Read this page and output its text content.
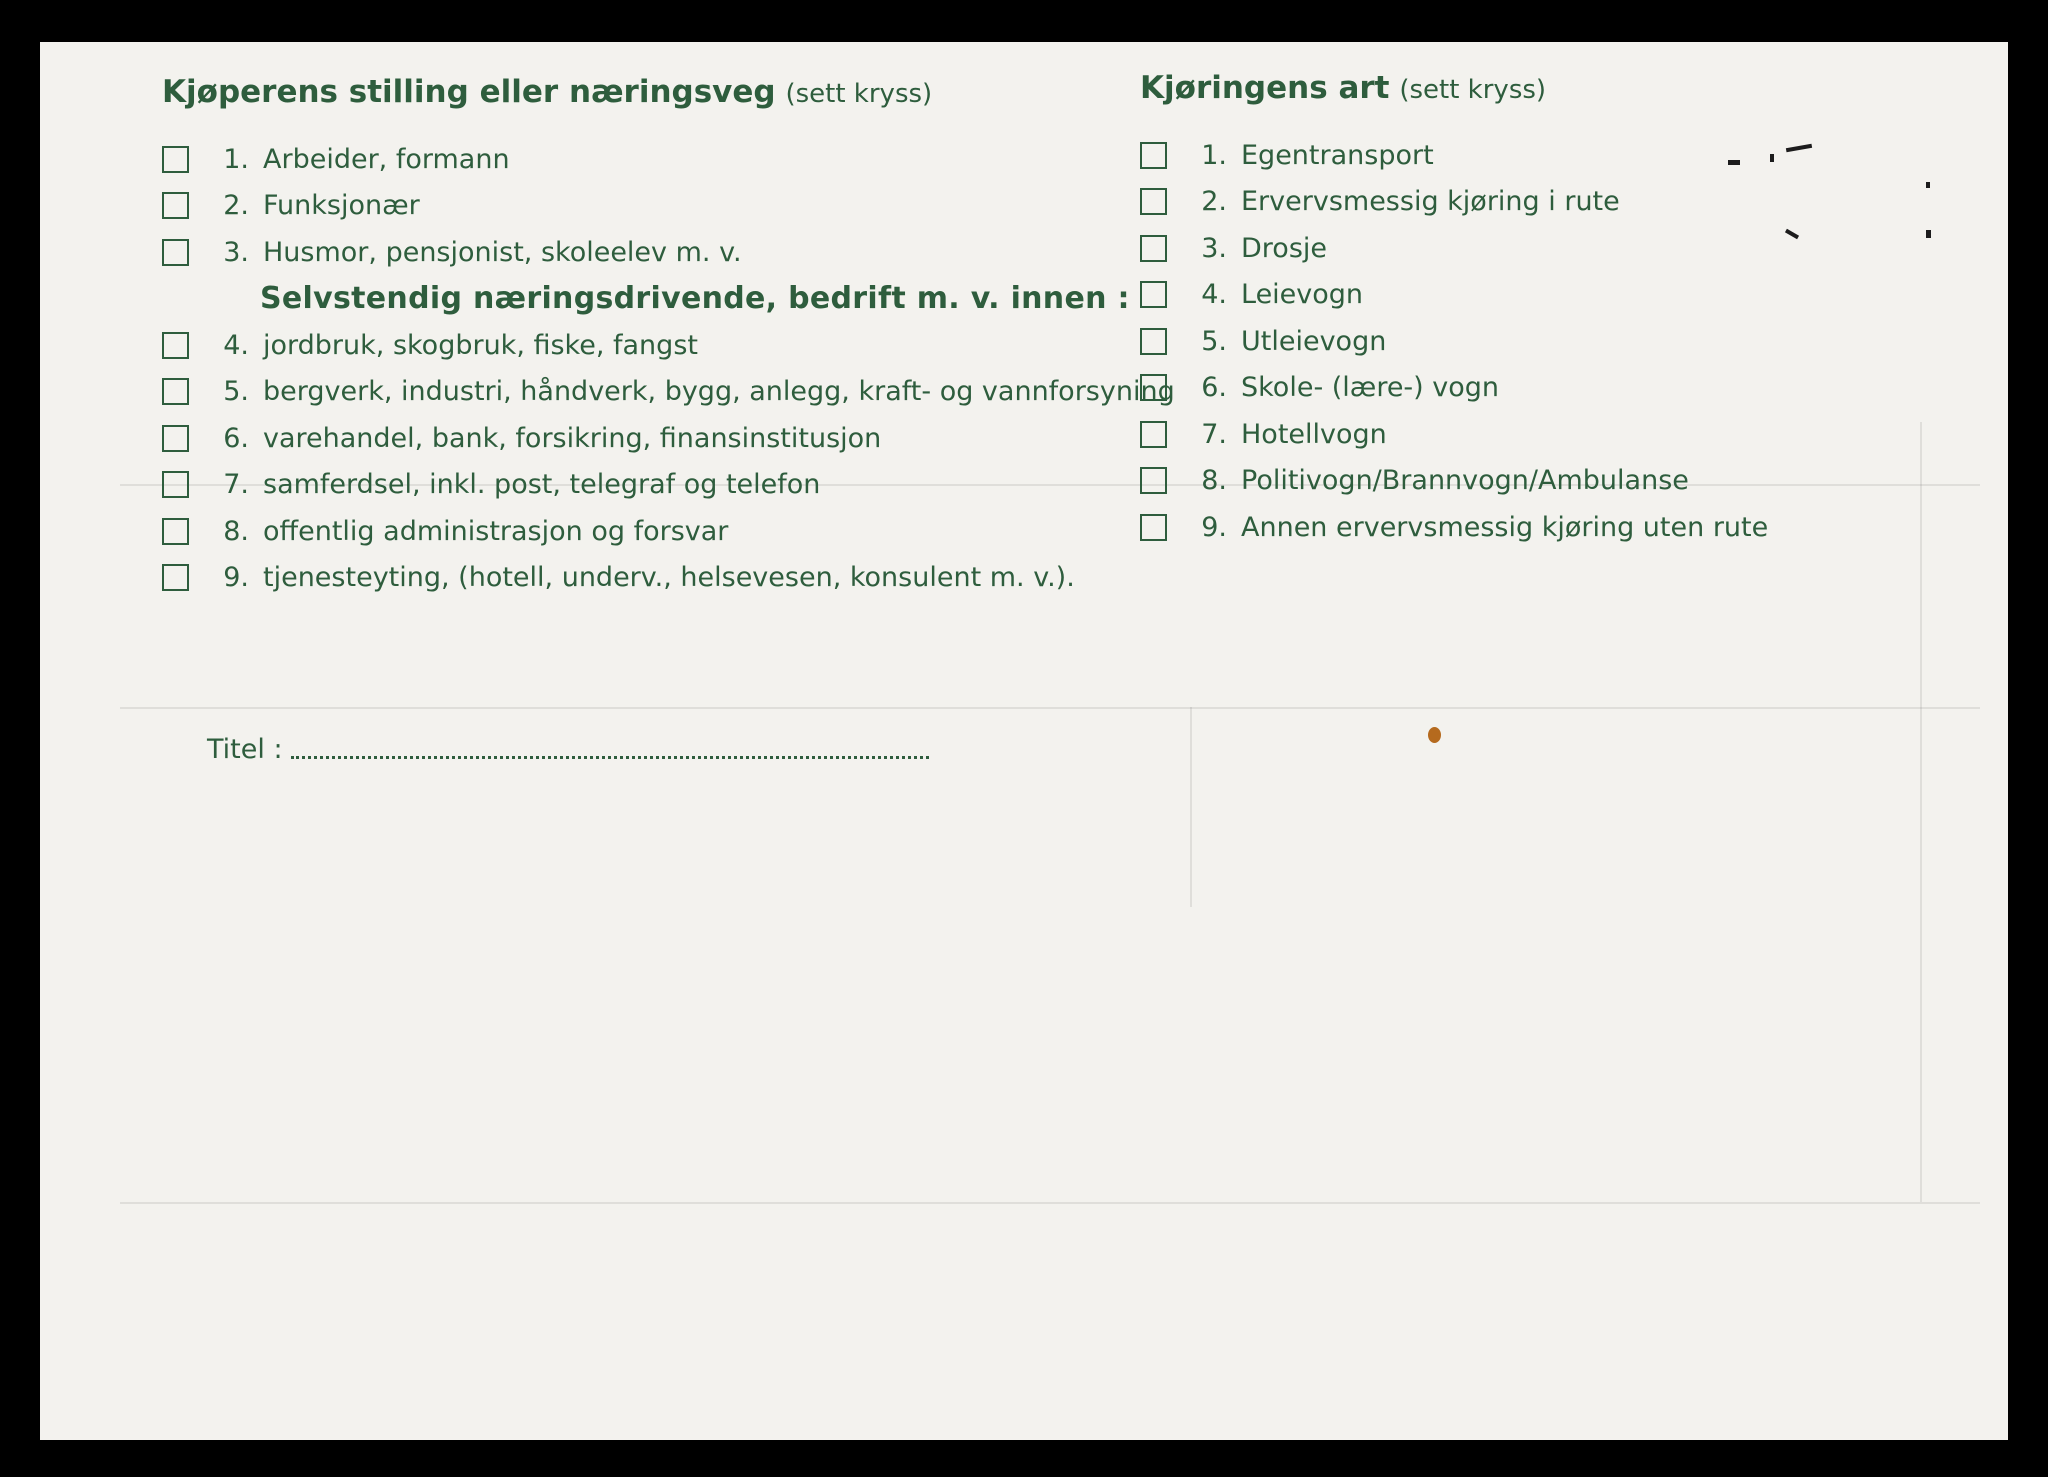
Kjøperens stilling eller næringsveg (sett kryss)
1. Arbeider, formann
2. Funksjonær
3. Husmor, pensjonist, skoleelev m. v.
Selvstendig næringsdrivende, bedrift m. v. innen :
4. jordbruk, skogbruk, fiske, fangst
5. bergverk, industri, håndverk, bygg, anlegg, kraft- og vannforsyning
6. varehandel, bank, forsikring, finansinstitusjon
7. samferdsel, inkl. post, telegraf og telefon
8. offentlig administrasjon og forsvar
9. tjenesteyting, (hotell, underv., helsevesen, konsulent m. v.).
Titel :
Kjøringens art (sett kryss)
1. Egentransport
2. Ervervsmessig kjøring i rute
3. Drosje
4. Leievogn
5. Utleievogn
6. Skole- (lære-) vogn
7. Hotellvogn
8. Politivogn/Brannvogn/Ambulanse
9. Annen ervervsmessig kjøring uten rute
